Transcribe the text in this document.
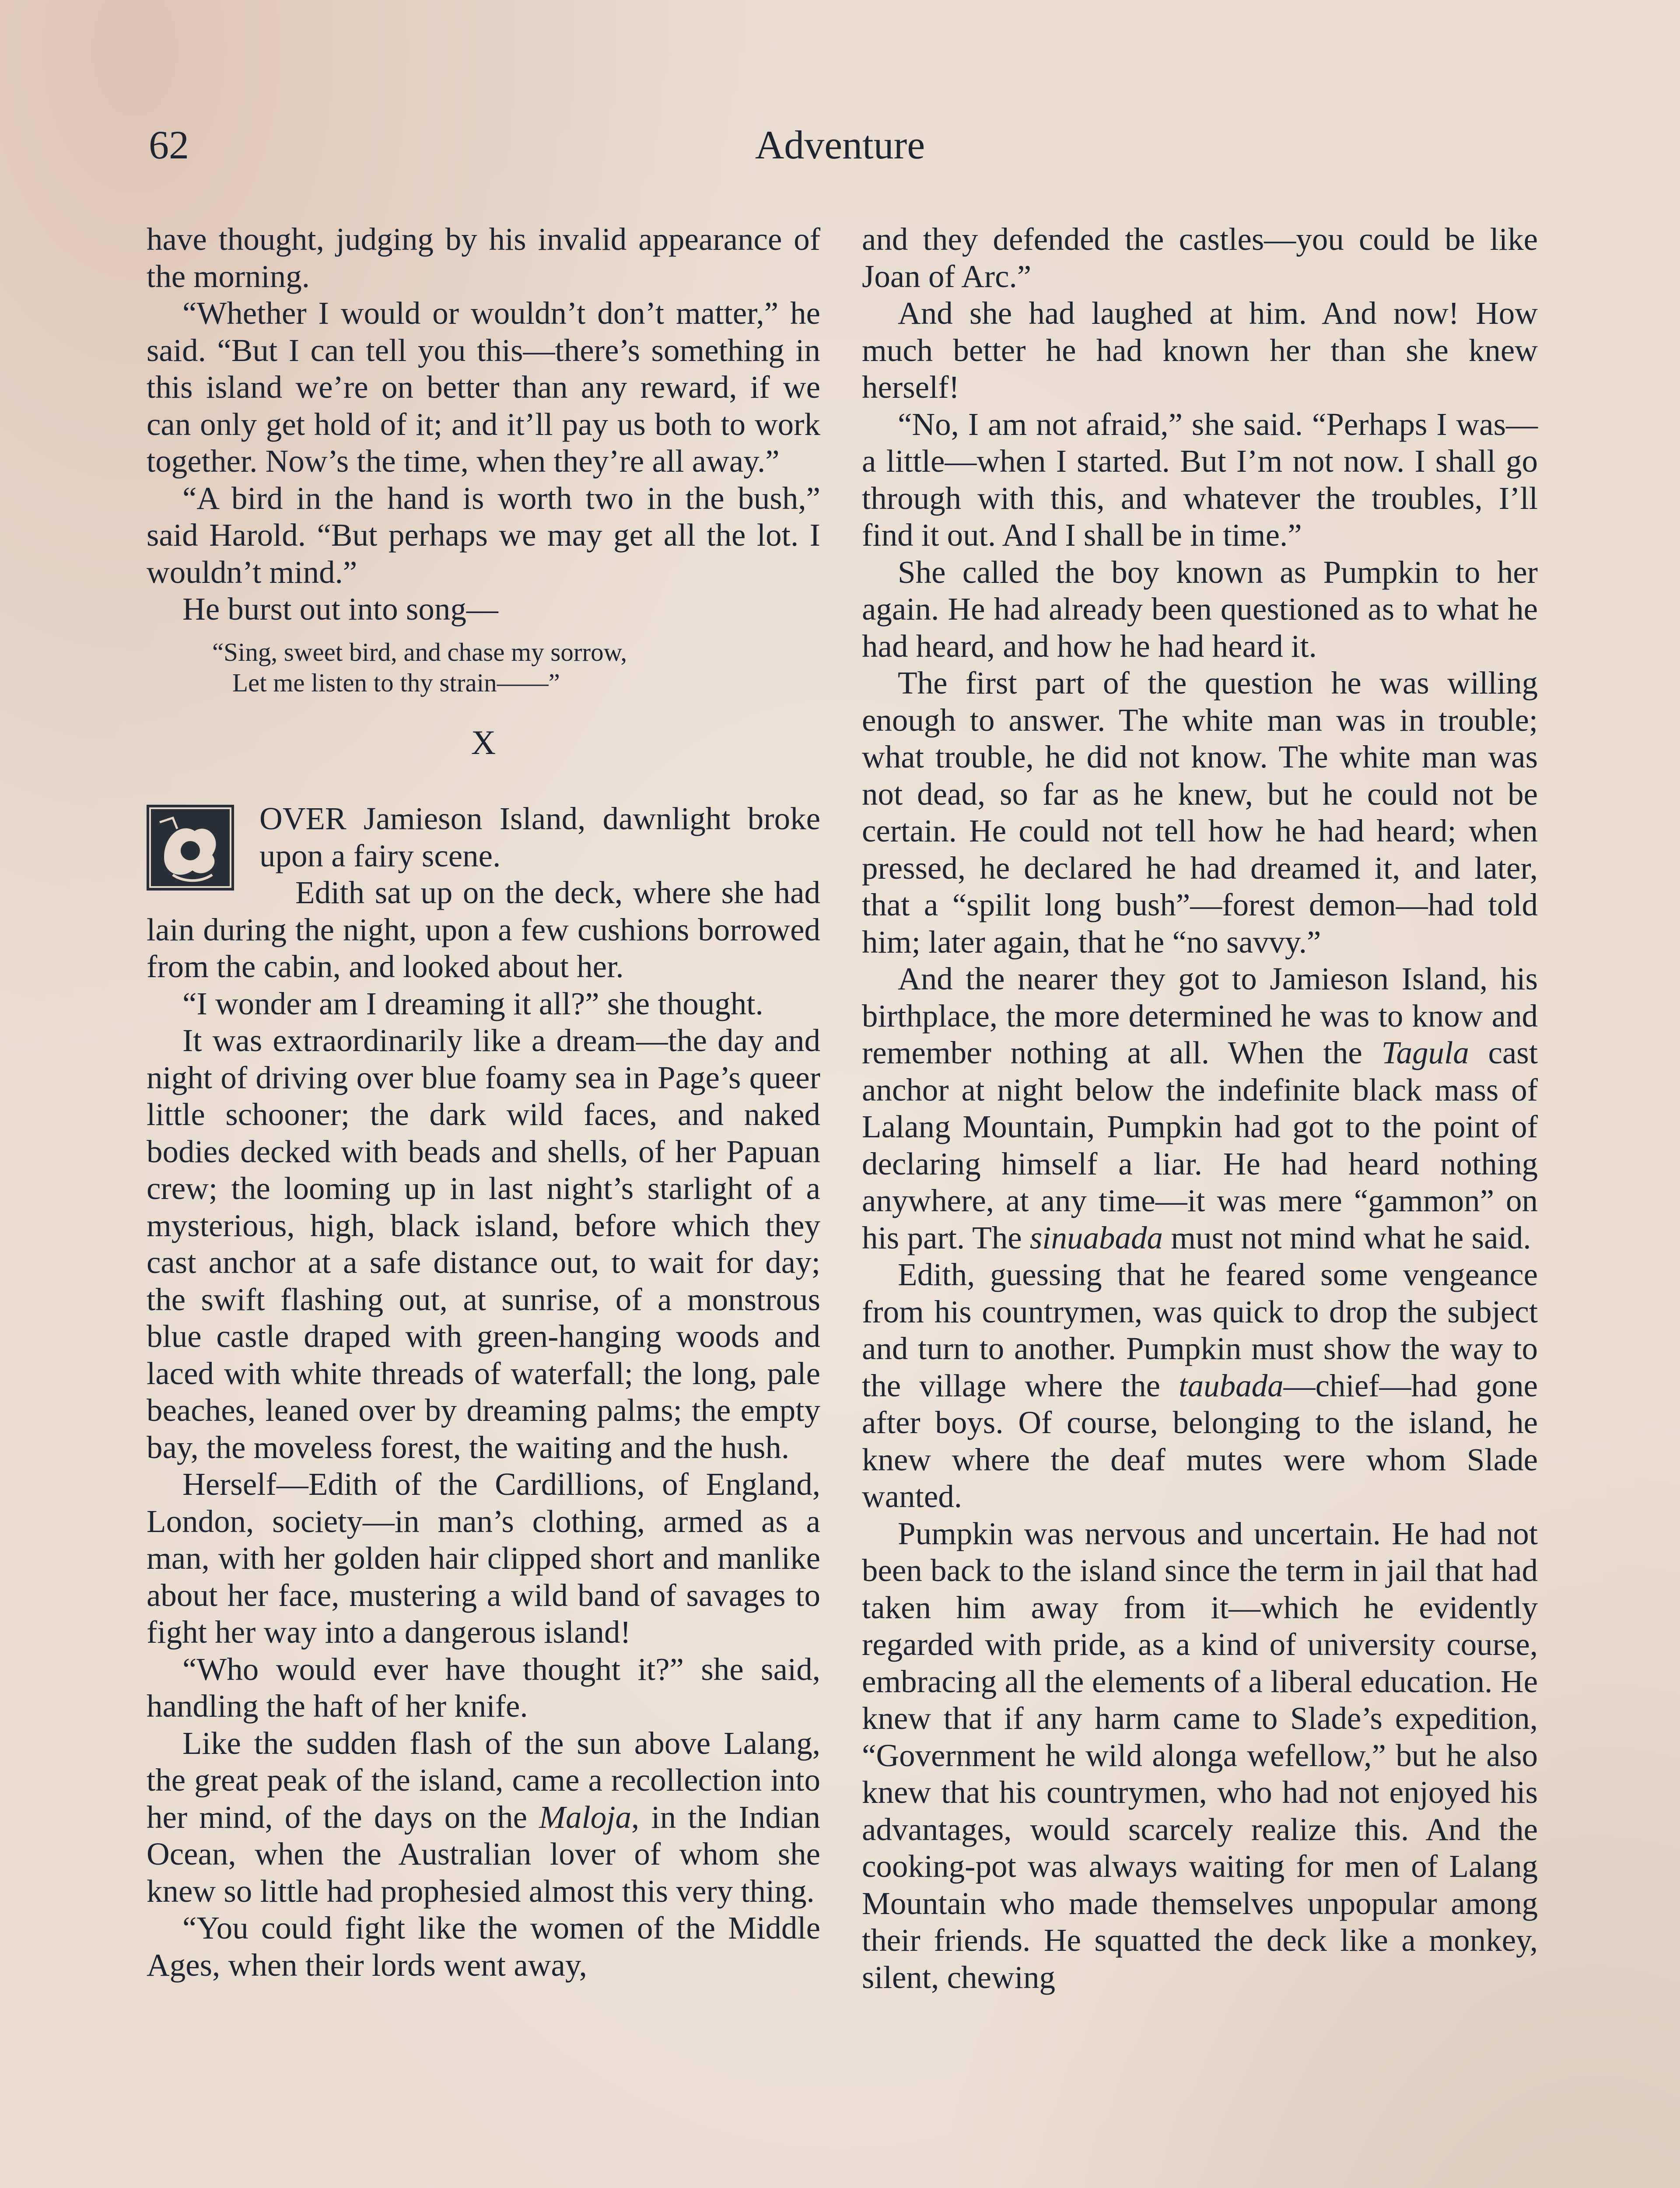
62	Adventure

have thought, judging by his invalid appearance of the morning.

“Whether I would or wouldn’t don’t matter,” he said. “But I can tell you this—there’s something in this island we’re on better than any reward, if we can only get hold of it; and it’ll pay us both to work together. Now’s the time, when they’re all away.”

“A bird in the hand is worth two in the bush,” said Harold. “But perhaps we may get all the lot. I wouldn’t mind.”

He burst out into song—

“Sing, sweet bird, and chase my sorrow,
Let me listen to thy strain——”
X

OVER Jamieson Island, dawnlight broke upon a fairy scene.

Edith sat up on the deck, where she had lain during the night, upon a few cushions borrowed from the cabin, and looked about her.

“I wonder am I dreaming it all?” she thought.

It was extraordinarily like a dream—the day and night of driving over blue foamy sea in Page’s queer little schooner; the dark wild faces, and naked bodies decked with beads and shells, of her Papuan crew; the looming up in last night’s starlight of a mysterious, high, black island, before which they cast anchor at a safe distance out, to wait for day; the swift flashing out, at sunrise, of a monstrous blue castle draped with green-hanging woods and laced with white threads of waterfall; the long, pale beaches, leaned over by dreaming palms; the empty bay, the moveless forest, the waiting and the hush.

Herself—Edith of the Cardillions, of England, London, society—in man’s clothing, armed as a man, with her golden hair clipped short and manlike about her face, mustering a wild band of savages to fight her way into a dangerous island!

“Who would ever have thought it?” she said, handling the haft of her knife.

Like the sudden flash of the sun above Lalang, the great peak of the island, came a recollection into her mind, of the days on the Maloja, in the Indian Ocean, when the Australian lover of whom she knew so little had prophesied almost this very thing.

“You could fight like the women of the Middle Ages, when their lords went away,

and they defended the castles—you could be like Joan of Arc.”

And she had laughed at him. And now! How much better he had known her than she knew herself!

“No, I am not afraid,” she said. “Perhaps I was—a little—when I started. But I’m not now. I shall go through with this, and whatever the troubles, I’ll find it out. And I shall be in time.”

She called the boy known as Pumpkin to her again. He had already been questioned as to what he had heard, and how he had heard it.

The first part of the question he was willing enough to answer. The white man was in trouble; what trouble, he did not know. The white man was not dead, so far as he knew, but he could not be certain. He could not tell how he had heard; when pressed, he declared he had dreamed it, and later, that a “spilit long bush”—forest demon—had told him; later again, that he “no savvy.”

And the nearer they got to Jamieson Island, his birthplace, the more determined he was to know and remember nothing at all. When the Tagula cast anchor at night below the indefinite black mass of Lalang Mountain, Pumpkin had got to the point of declaring himself a liar. He had heard nothing anywhere, at any time—it was mere “gammon” on his part. The sinuabada must not mind what he said.

Edith, guessing that he feared some vengeance from his countrymen, was quick to drop the subject and turn to another. Pumpkin must show the way to the village where the taubada—chief—had gone after boys. Of course, belonging to the island, he knew where the deaf mutes were whom Slade wanted.

Pumpkin was nervous and uncertain. He had not been back to the island since the term in jail that had taken him away from it—which he evidently regarded with pride, as a kind of university course, embracing all the elements of a liberal education. He knew that if any harm came to Slade’s expedition, “Government he wild alonga wefellow,” but he also knew that his countrymen, who had not enjoyed his advantages, would scarcely realize this. And the cooking-pot was always waiting for men of Lalang Mountain who made themselves unpopular among their friends. He squatted the deck like a monkey, silent, chewing
